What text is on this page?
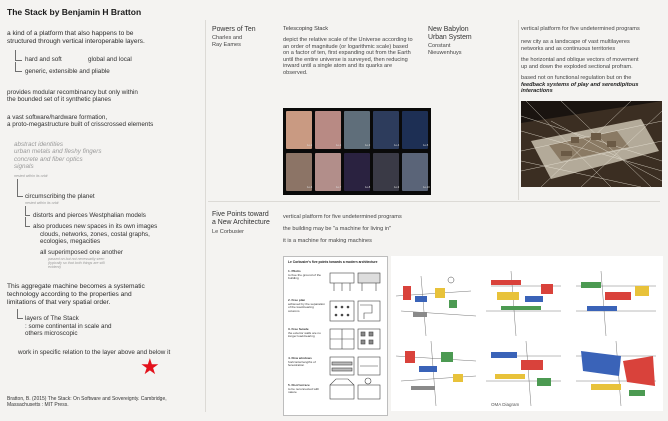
The Stack by Benjamin H Bratton
a kind of a platform that also happens to be
structured through vertical interoperable layers.
hard and soft	global and local
generic, extensible and pliable
provides modular recombinancy but only within
the bounded set of it synthetic planes
a vast software/hardware formation,
a proto-megastructure built of crisscrossed elements
abstract identities
urban metals and fleshy fingers
concrete and fiber optics
signals
nested within its orbit
circumscribing the planet
nested within its orbit
distorts and pierces Westphalian models
also produces new spaces in its own images
clouds, networks, zones, costal graphs,
ecologies, megacities
all superimposed one another
passed on but not necessarily seen
(typically so that both things are still
evident)
This aggregate machine becomes a systematic
technology according to the properties and
limitations of that very spatial order.
layers of The Stack
: some continental in scale and
others microscopic
work in specific relation to the layer above and below it
★
Bratton, B. (2015) The Stack: On Software and Sovereignty. Cambridge,
Massachusetts : MIT Press.
Powers of Ten
Charles and
Ray Eames
Telescoping Stack
depict the relative scale of the Universe according to
an order of magnitude (or logarithmic scale) based
on a factor of ten, first expanding out from the Earth
until the entire universe is surveyed, then reducing
inward until a single atom and its quarks are
observed.
1e-1	1e-2	1e-3	1e-4	1e-5
1e-6	1e-7	1e-8	1e-9	1e-10
New Babylon
Urban System
Constant
Nieuwenhuys
vertical platform for five undetermined programs
new city as a landscape of vast multilayeres
networks and as continuous territories
the horizontal and oblique vectors of movement
up and down the exploded sectional profram.
based not on functional regulation but on the
feedback systems of play and serendipitous
interactions
Five Points toward
a New Architecture
Le Corbusier
vertical platform for five undetermined programs
the building may be "a machine for living in"
it is a machine for making machines
Le Corbusier's five points towards a modern architecture
1. Pilotis
to free the ground of the building
2. Free plan
achieved by the separation of the load-bearing columns
3. Free facade
the exterior walls are no longer load-bearing
4. Row windows
horizontal lengths of fenestration
5. Roof terrace
to be reconnected with nature
OMA Diagram
